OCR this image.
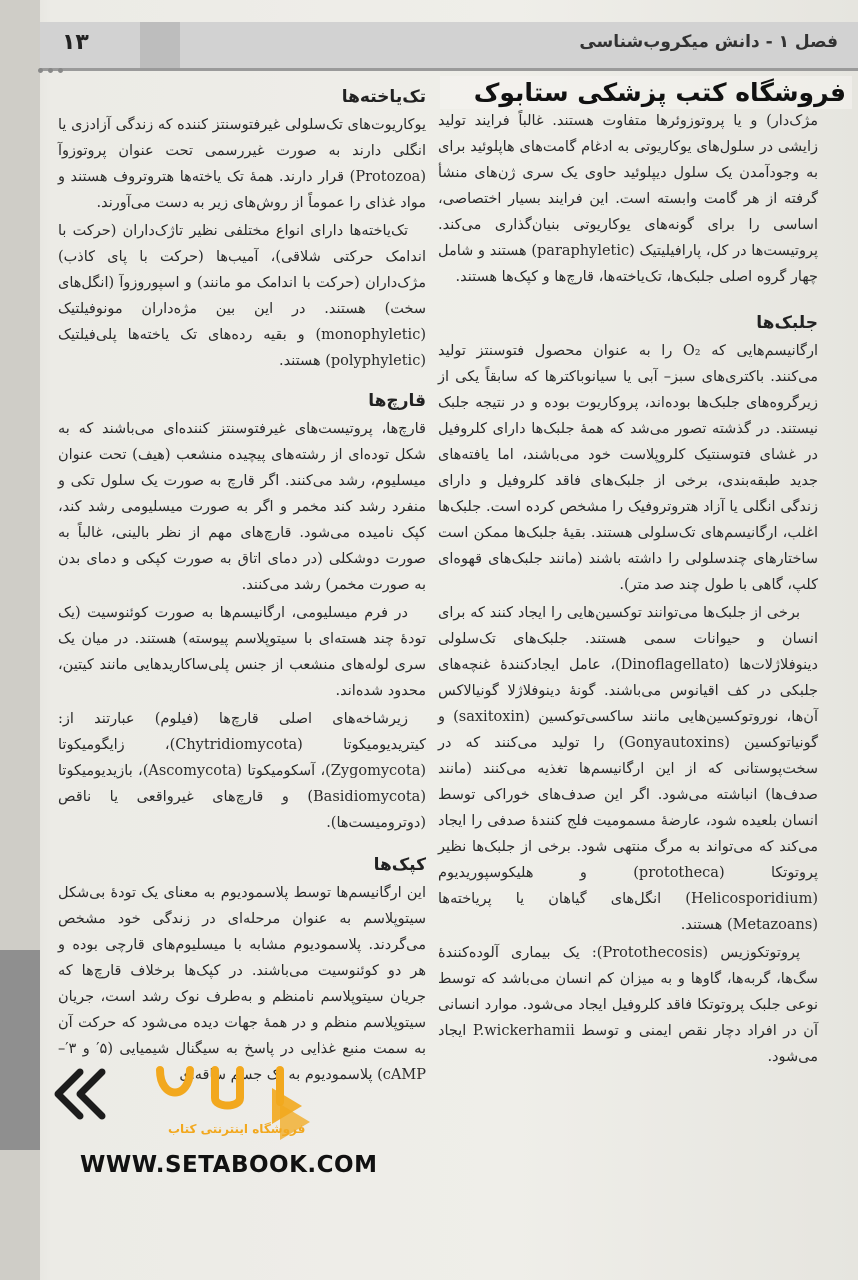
۱۳	فصل ۱ - دانش میکروب‌شناسی
تک‌یاخته‌ها

یوکاریوت‌های تک‌سلولی غیرفتوسنتز کننده که زندگی آزادزی یا انگلی دارند به صورت غیررسمی تحت عنوان پروتوزوآ (Protozoa) قرار دارند. همهٔ تک یاخته‌ها هتروتروف هستند و مواد غذای را عموماً از روش‌های زیر به دست می‌آورند.

تک‌یاخته‌ها دارای انواع مختلفی نظیر تاژک‌داران (حرکت با اندامک حرکتی شلاقی)، آمیب‌ها (حرکت با پای کاذب) مژک‌داران (حرکت با اندامک مو مانند) و اسپوروزوآ (انگل‌های سخت) هستند. در این بین مژه‌داران مونوفیلتیک (monophyletic) و بقیه رده‌های تک یاخته‌ها پلی‌فیلتیک (polyphyletic) هستند.

قارچ‌ها

قارچ‌ها، پروتیست‌های غیرفتوسنتز کننده‌ای می‌باشند که به شکل توده‌ای از رشته‌های پیچیده منشعب (هیف) تحت عنوان میسلیوم، رشد می‌کنند. اگر قارچ به صورت یک سلول تکی و منفرد رشد کند مخمر و اگر به صورت میسلیومی رشد کند، کپک نامیده می‌شود. قارچ‌های مهم از نظر بالینی، غالباً به صورت دوشکلی (در دمای اتاق به صورت کپکی و دمای بدن به صورت مخمر) رشد می‌کنند.

در فرم میسلیومی، ارگانیسم‌ها به صورت کوئنوسیت (یک تودهٔ چند هسته‌ای با سیتوپلاسم پیوسته) هستند. در میان یک سری لوله‌های منشعب از جنس پلی‌ساکاریدهایی مانند کیتین، محدود شده‌اند.

زیرشاخه‌های اصلی قارچ‌ها (فیلوم) عبارتند از: کیتریدیومیکوتا (Chytridiomycota)، زایگومیکوتا (Zygomycota)، آسکومیکوتا (Ascomycota)، بازیدیومیکوتا (Basidiomycota) و قارچ‌های غیرواقعی یا ناقص (دوترومیست‌ها).

کپک‌ها

این ارگانیسم‌ها توسط پلاسمودیوم به معنای یک تودهٔ بی‌شکل سیتوپلاسم به عنوان مرحله‌ای در زندگی خود مشخص می‌گردند. پلاسمودیوم مشابه با میسلیوم‌های قارچی بوده و هر دو کوئنوسیت می‌باشند. در کپک‌ها برخلاف قارچ‌ها که جریان سیتوپلاسم نامنظم و به‌طرف نوک رشد است، جریان سیتوپلاسم منظم و در همهٔ جهات دیده می‌شود که حرکت آن به سمت منبع غذایی در پاسخ به سیگنال شیمیایی (۵′ و ۳′–cAMP) پلاسمودیوم به یک جسم ساقه‌ای

مژک‌دار) و یا پروتوزوئرها متفاوت هستند. غالباً فرایند تولید زایشی در سلول‌های یوکاریوتی به ادغام گامت‌های هاپلوئید برای به وجودآمدن یک سلول دیپلوئید حاوی یک سری ژن‌های منشأ گرفته از هر گامت وابسته است. این فرایند بسیار اختصاصی، اساسی را برای گونه‌های یوکاریوتی بنیان‌گذاری می‌کند. پروتیست‌ها در کل، پارافیلیتیک (paraphyletic) هستند و شامل چهار گروه اصلی جلبک‌ها، تک‌یاخته‌ها، قارچ‌ها و کپک‌ها هستند.

جلبک‌ها

ارگانیسم‌هایی که O₂ را به عنوان محصول فتوسنتز تولید می‌کنند. باکتری‌های سبز– آبی یا سیانوباکترها که سابقاً یکی از زیرگروه‌های جلبک‌ها بوده‌اند، پروکاریوت بوده و در نتیجه جلبک نیستند. در گذشته تصور می‌شد که همهٔ جلبک‌ها دارای کلروفیل در غشای فتوسنتیک کلروپلاست خود می‌باشند، اما یافته‌های جدید طبقه‌بندی، برخی از جلبک‌های فاقد کلروفیل و دارای زندگی انگلی یا آزاد هتروتروفیک را مشخص کرده است. جلبک‌ها اغلب، ارگانیسم‌های تک‌سلولی هستند. بقیهٔ جلبک‌ها ممکن است ساختارهای چندسلولی را داشته باشند (مانند جلبک‌های قهوه‌ای کلپ، گاهی با طول چند صد متر).

برخی از جلبک‌ها می‌توانند توکسین‌هایی را ایجاد کنند که برای انسان و حیوانات سمی هستند. جلبک‌های تک‌سلولی دینوفلاژلات‌ها (Dinoflagellato)، عامل ایجادکنندهٔ غنچه‌های جلبکی در کف اقیانوس می‌باشند. گونهٔ دینوفلاژلا گونیالاکس آن‌ها، نوروتوکسین‌هایی مانند ساکسی‌توکسین (saxitoxin) و گونیاتوکسین (Gonyautoxins) را تولید می‌کنند که در سخت‌پوستانی که از این ارگانیسم‌ها تغذیه می‌کنند (مانند صدف‌ها) انباشته می‌شود. اگر این صدف‌های خوراکی توسط انسان بلعیده شود، عارضهٔ مسمومیت فلج کنندهٔ صدفی را ایجاد می‌کند که می‌تواند به مرگ منتهی شود. برخی از جلبک‌ها نظیر پروتوتکا (prototheca) و هلیکوسپوریدیوم (Helicosporidium) انگل‌های گیاهان یا پریاخته‌ها (Metazoans) هستند.

پروتوتکوزیس (Protothecosis): یک بیماری آلوده‌کنندهٔ سگ‌ها، گربه‌ها، گاوها و به میزان کم انسان می‌باشد که توسط نوعی جلبک پروتوتکا فاقد کلروفیل ایجاد می‌شود. موارد انسانی آن در افراد دچار نقص ایمنی و توسط P.wickerhamii ایجاد می‌شود.

فروشگاه کتب پزشکی ستابوک
فروشگاه اینترنتی کتاب
WWW.SETABOOK.COM
